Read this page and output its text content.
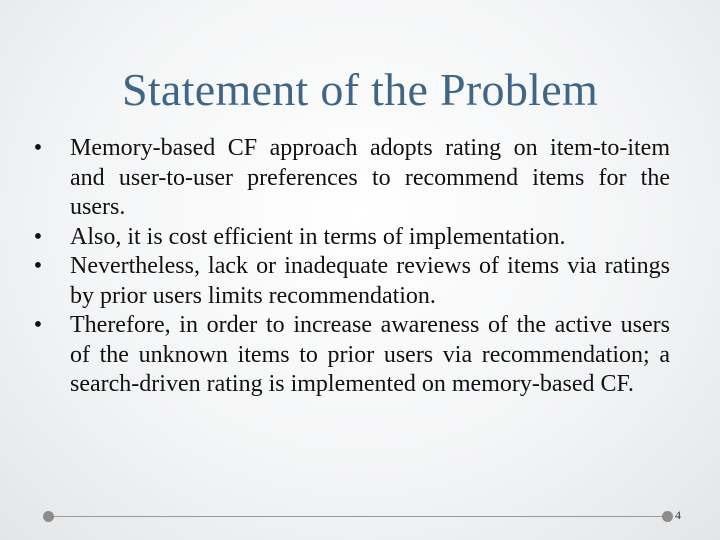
Statement of the Problem
• Memory-based CF approach adopts rating on item-to-item and user-to-user preferences to recommend items for the users.
• Also, it is cost efficient in terms of implementation.
• Nevertheless, lack or inadequate reviews of items via ratings by prior users limits recommendation.
• Therefore, in order to increase awareness of the active users of the unknown items to prior users via recommendation; a search-driven rating is implemented on memory-based CF.
4
